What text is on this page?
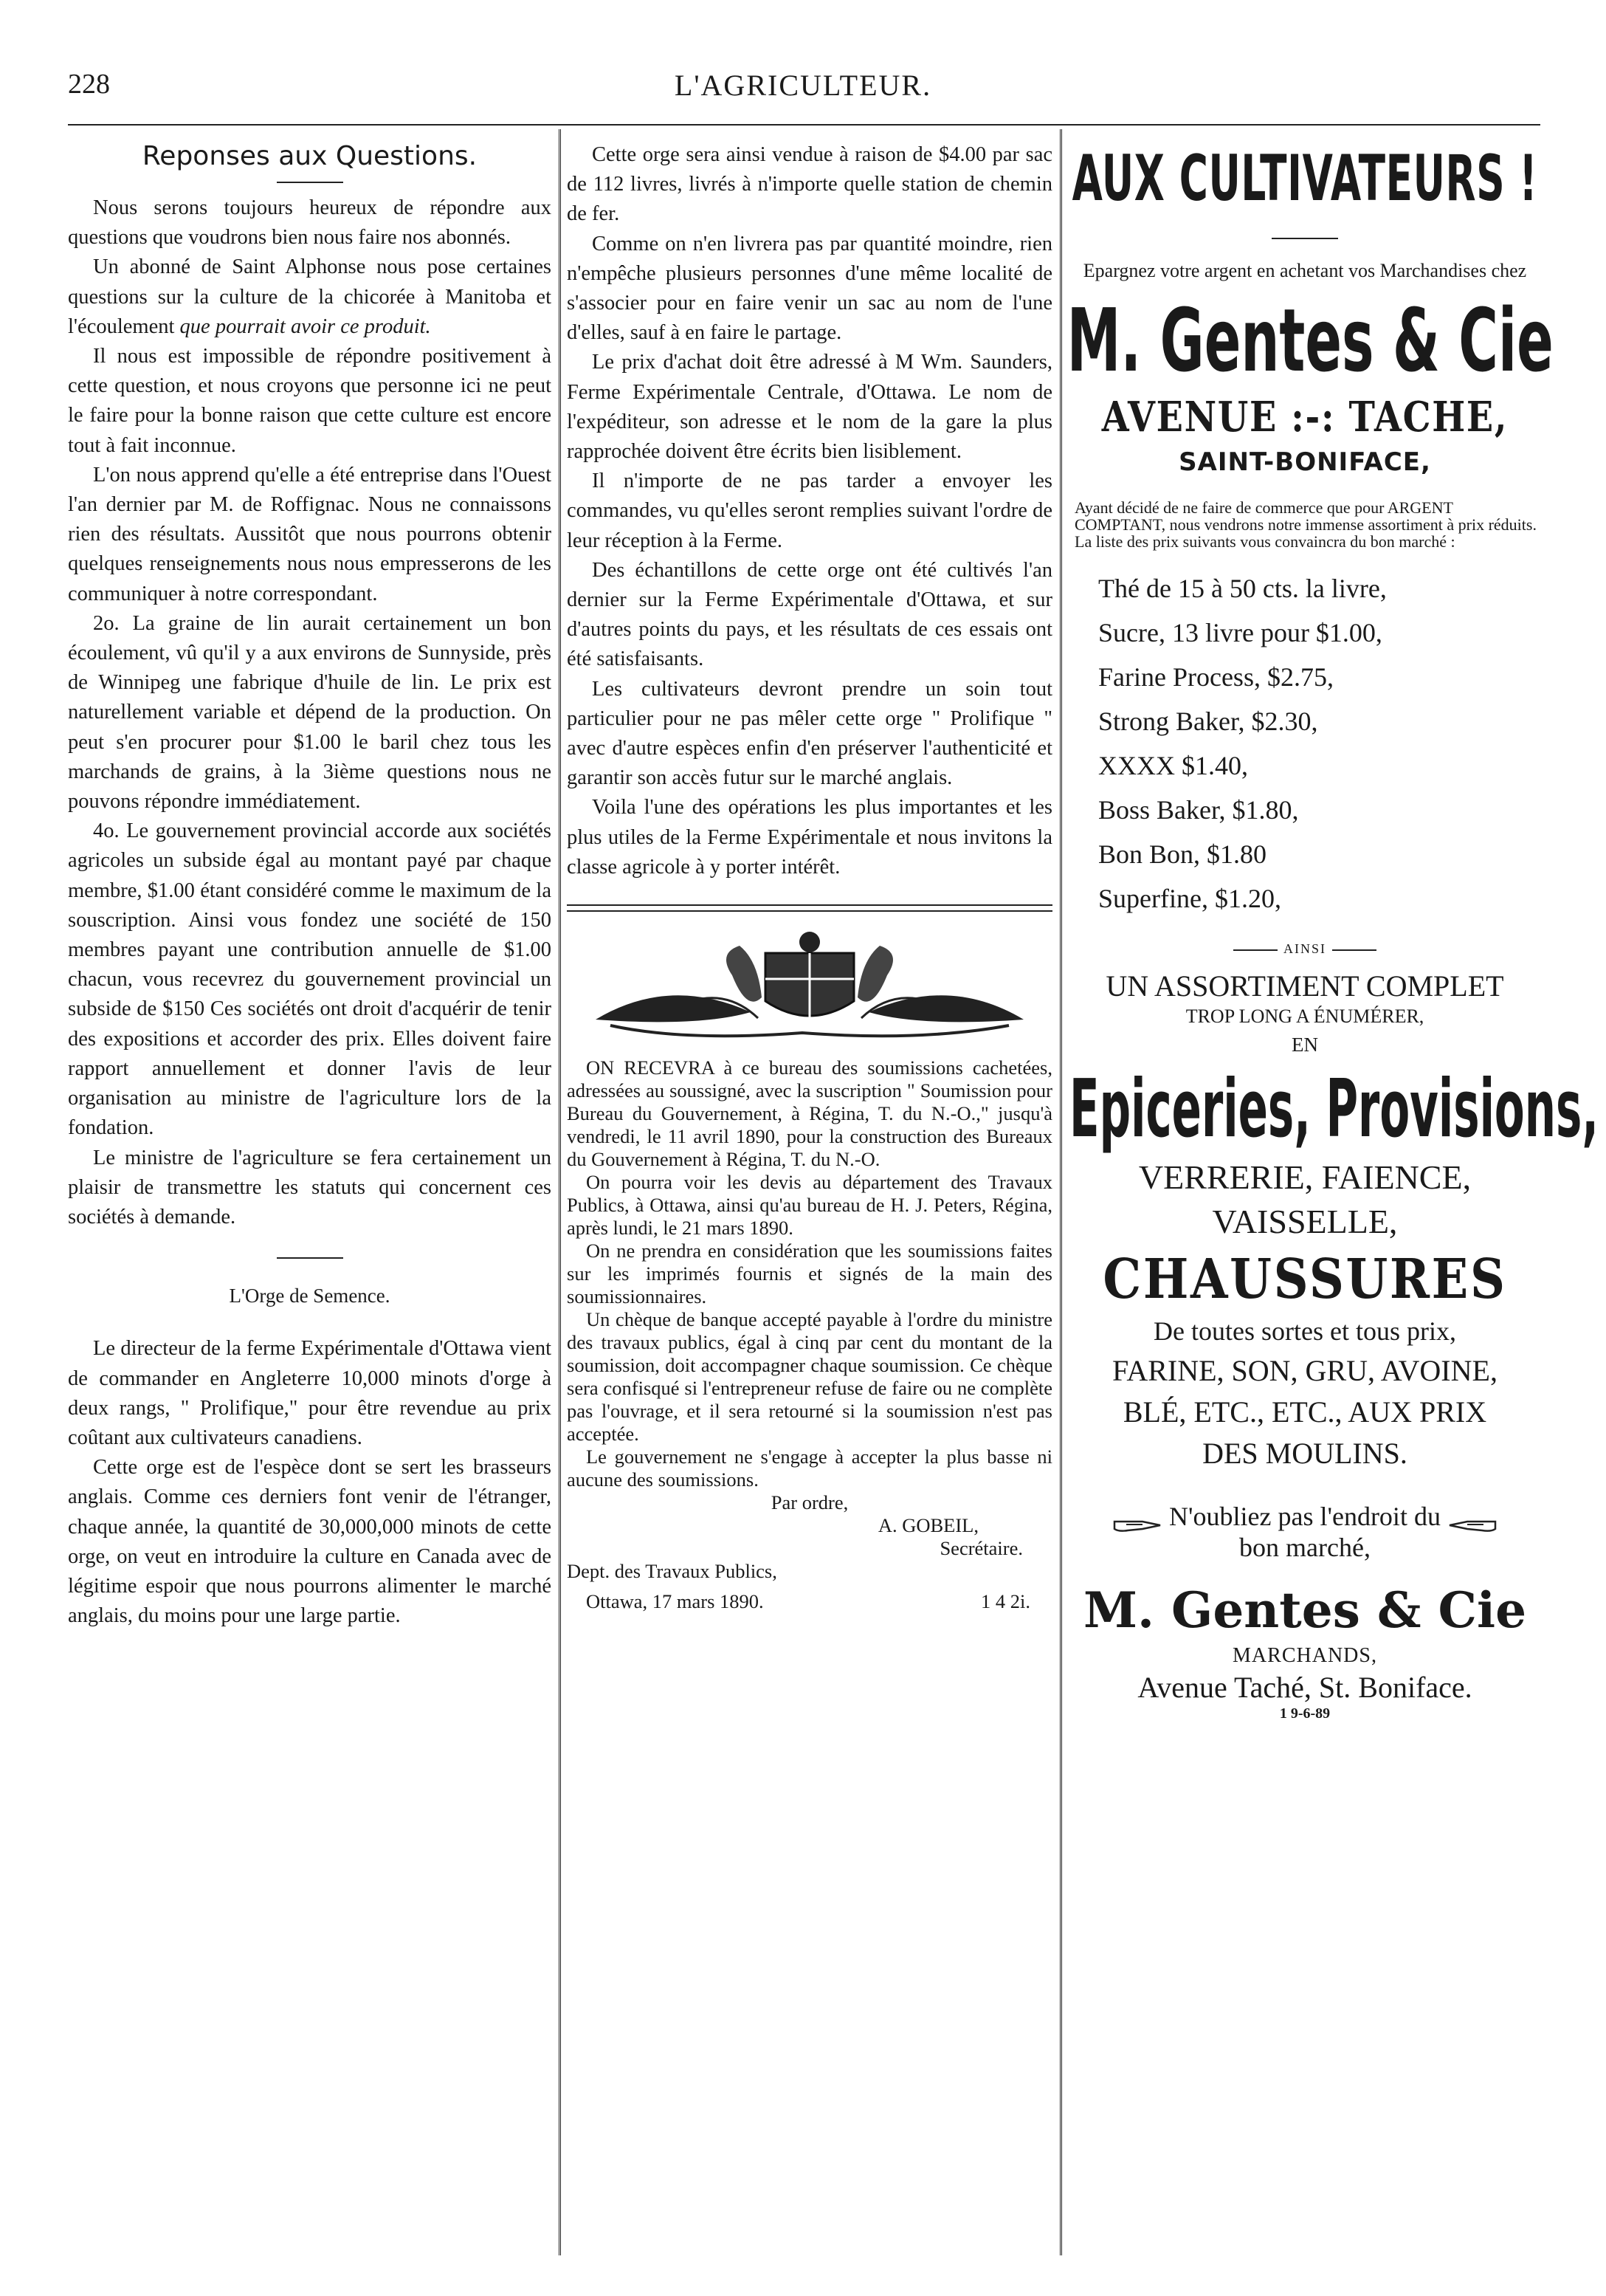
228	L'AGRICULTEUR.
Reponses aux Questions.

Nous serons toujours heureux de répondre aux questions que voudrons bien nous faire nos abonnés.

Un abonné de Saint Alphonse nous pose certaines questions sur la culture de la chicorée à Manitoba et l'écoulement que pourrait avoir ce produit.

Il nous est impossible de répondre positivement à cette question, et nous croyons que personne ici ne peut le faire pour la bonne raison que cette culture est encore tout à fait inconnue.

L'on nous apprend qu'elle a été entreprise dans l'Ouest l'an dernier par M. de Roffignac. Nous ne connaissons rien des résultats. Aussitôt que nous pourrons obtenir quelques renseignements nous nous empresserons de les communiquer à notre correspondant.

2o. La graine de lin aurait certainement un bon écoulement, vû qu'il y a aux environs de Sunnyside, près de Winnipeg une fabrique d'huile de lin. Le prix est naturellement variable et dépend de la production. On peut s'en procurer pour $1.00 le baril chez tous les marchands de grains, à la 3ième questions nous ne pouvons répondre immédiatement.

4o. Le gouvernement provincial accorde aux sociétés agricoles un subside égal au montant payé par chaque membre, $1.00 étant considéré comme le maximum de la souscription. Ainsi vous fondez une société de 150 membres payant une contribution annuelle de $1.00 chacun, vous recevrez du gouvernement provincial un subside de $150 Ces sociétés ont droit d'acquérir de tenir des expositions et accorder des prix. Elles doivent faire rapport annuellement et donner l'avis de leur organisation au ministre de l'agriculture lors de la fondation.

Le ministre de l'agriculture se fera certainement un plaisir de transmettre les statuts qui concernent ces sociétés à demande.

L'Orge de Semence.

Le directeur de la ferme Expérimentale d'Ottawa vient de commander en Angleterre 10,000 minots d'orge à deux rangs, " Prolifique," pour être revendue au prix coûtant aux cultivateurs canadiens.

Cette orge est de l'espèce dont se sert les brasseurs anglais. Comme ces derniers font venir de l'étranger, chaque année, la quantité de 30,000,000 minots de cette orge, on veut en introduire la culture en Canada avec de légitime espoir que nous pourrons alimenter le marché anglais, du moins pour une large partie.

Cette orge sera ainsi vendue à raison de $4.00 par sac de 112 livres, livrés à n'importe quelle station de chemin de fer.

Comme on n'en livrera pas par quantité moindre, rien n'empêche plusieurs personnes d'une même localité de s'associer pour en faire venir un sac au nom de l'une d'elles, sauf à en faire le partage.

Le prix d'achat doit être adressé à M Wm. Saunders, Ferme Expérimentale Centrale, d'Ottawa. Le nom de l'expéditeur, son adresse et le nom de la gare la plus rapprochée doivent être écrits bien lisiblement.

Il n'importe de ne pas tarder a envoyer les commandes, vu qu'elles seront remplies suivant l'ordre de leur réception à la Ferme.

Des échantillons de cette orge ont été cultivés l'an dernier sur la Ferme Expérimentale d'Ottawa, et sur d'autres points du pays, et les résultats de ces essais ont été satisfaisants.

Les cultivateurs devront prendre un soin tout particulier pour ne pas mêler cette orge " Prolifique " avec d'autre espèces enfin d'en préserver l'authenticité et garantir son accès futur sur le marché anglais.

Voila l'une des opérations les plus importantes et les plus utiles de la Ferme Expérimentale et nous invitons la classe agricole à y porter intérêt.

ON RECEVRA à ce bureau des soumissions cachetées, adressées au soussigné, avec la suscription " Soumission pour Bureau du Gouvernement, à Régina, T. du N.-O.," jusqu'à vendredi, le 11 avril 1890, pour la construction des Bureaux du Gouvernement à Régina, T. du N.-O.

On pourra voir les devis au département des Travaux Publics, à Ottawa, ainsi qu'au bureau de H. J. Peters, Régina, après lundi, le 21 mars 1890.

On ne prendra en considération que les soumissions faites sur les imprimés fournis et signés de la main des soumissionnaires.

Un chèque de banque accepté payable à l'ordre du ministre des travaux publics, égal à cinq par cent du montant de la soumission, doit accompagner chaque soumission. Ce chèque sera confisqué si l'entrepreneur refuse de faire ou ne complète pas l'ouvrage, et il sera retourné si la soumission n'est pas acceptée.

Le gouvernement ne s'engage à accepter la plus basse ni aucune des soumissions.

Par ordre,
A. GOBEIL,
Secrétaire.
Dept. des Travaux Publics,
Ottawa, 17 mars 1890.	1 4 2i.
AUX CULTIVATEURS !
Epargnez votre argent en achetant vos Marchandises chez
M. Gentes & Cie
AVENUE :-: TACHE,
SAINT-BONIFACE,
Ayant décidé de ne faire de commerce que pour ARGENT COMPTANT, nous vendrons notre immense assortiment à prix réduits.
La liste des prix suivants vous convaincra du bon marché :
Thé de 15 à 50 cts. la livre,
Sucre, 13 livre pour $1.00,
Farine Process, $2.75,
Strong Baker, $2.30,
XXXX $1.40,
Boss Baker, $1.80,
Bon Bon, $1.80
Superfine, $1.20,
AINSI
UN ASSORTIMENT COMPLET
TROP LONG A ÉNUMÉRER,
EN
Epiceries, Provisions,
VERRERIE, FAIENCE,
VAISSELLE,
CHAUSSURES
De toutes sortes et tous prix,
FARINE, SON, GRU, AVOINE,
BLÉ, ETC., ETC., AUX PRIX
DES MOULINS.
N'oubliez pas l'endroit du
bon marché,
M. Gentes & Cie
MARCHANDS,
Avenue Taché, St. Boniface.
1 9-6-89
